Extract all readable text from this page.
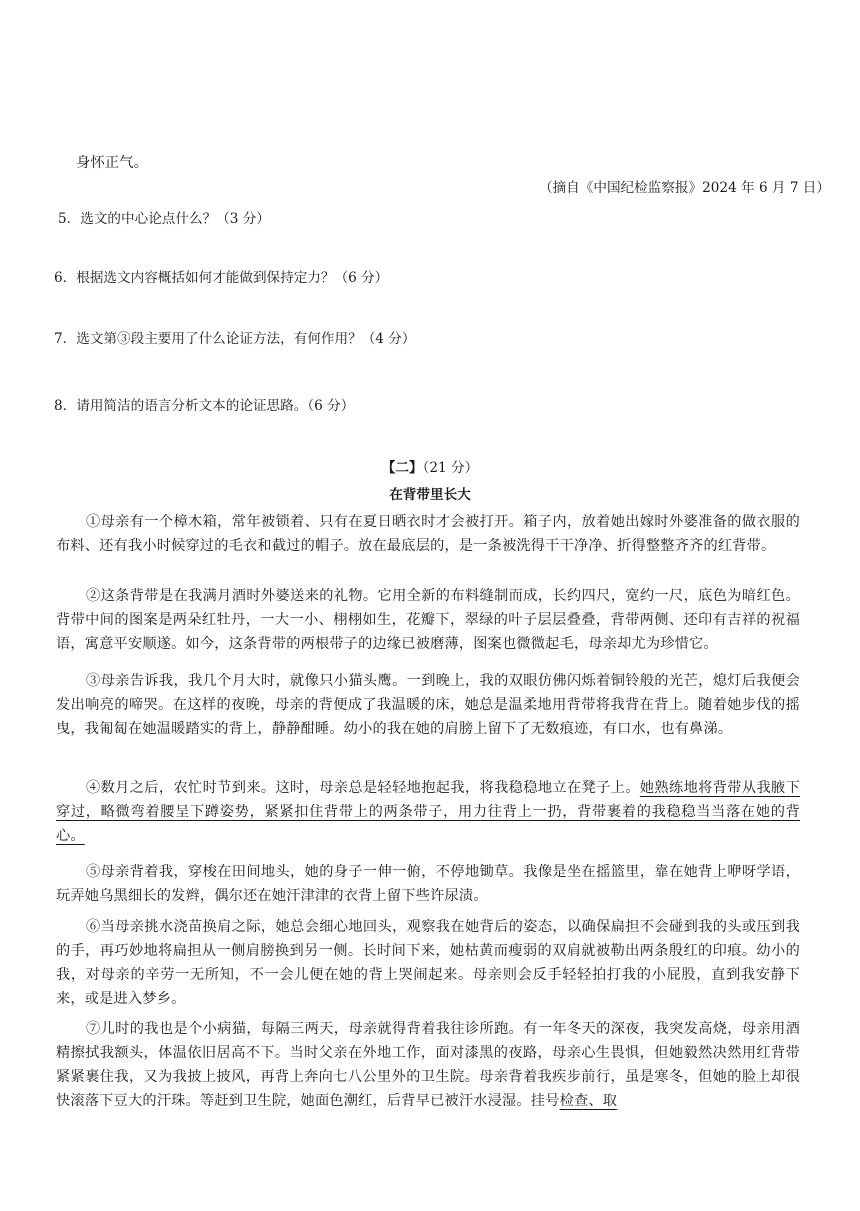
身怀正气。
（摘自《中国纪检监察报》2024 年 6 月 7 日）
5．选文的中心论点什么？（3 分）
6．根据选文内容概括如何才能做到保持定力？（6 分）
7．选文第③段主要用了什么论证方法，有何作用？（4 分）
8．请用简洁的语言分析文本的论证思路。（6 分）
【二】（21 分）
在背带里长大
①母亲有一个樟木箱，常年被锁着、只有在夏日晒衣时才会被打开。箱子内，放着她出嫁时外婆准备的做衣服的布料、还有我小时候穿过的毛衣和截过的帽子。放在最底层的，是一条被洗得干干净净、折得整整齐齐的红背带。
②这条背带是在我满月酒时外婆送来的礼物。它用全新的布料缝制而成，长约四尺，宽约一尺，底色为暗红色。背带中间的图案是两朵红牡丹，一大一小、栩栩如生，花瓣下，翠绿的叶子层层叠叠，背带两侧、还印有吉祥的祝福语，寓意平安顺遂。如今，这条背带的两根带子的边缘已被磨薄，图案也微微起毛，母亲却尤为珍惜它。
③母亲告诉我，我几个月大时，就像只小猫头鹰。一到晚上，我的双眼仿佛闪烁着铜铃般的光芒，熄灯后我便会发出响亮的啼哭。在这样的夜晚，母亲的背便成了我温暖的床，她总是温柔地用背带将我背在背上。随着她步伐的摇曳，我匍匐在她温暖踏实的背上，静静酣睡。幼小的我在她的肩膀上留下了无数痕迹，有口水，也有鼻涕。
④数月之后，农忙时节到来。这时，母亲总是轻轻地抱起我，将我稳稳地立在凳子上。她熟练地将背带从我腋下穿过，略微弯着腰呈下蹲姿势，紧紧扣住背带上的两条带子，用力往背上一扔，背带裹着的我稳稳当当落在她的背心。
⑤母亲背着我，穿梭在田间地头，她的身子一伸一俯，不停地锄草。我像是坐在摇篮里，靠在她背上咿呀学语，玩弄她乌黑细长的发辫，偶尔还在她汗津津的衣背上留下些许尿渍。
⑥当母亲挑水浇苗换肩之际，她总会细心地回头，观察我在她背后的姿态，以确保扁担不会碰到我的头或压到我的手，再巧妙地将扁担从一侧肩膀换到另一侧。长时间下来，她枯黄而瘦弱的双肩就被勒出两条殷红的印痕。幼小的我，对母亲的辛劳一无所知，不一会儿便在她的背上哭闹起来。母亲则会反手轻轻拍打我的小屁股，直到我安静下来，或是进入梦乡。
⑦儿时的我也是个小病猫，每隔三两天，母亲就得背着我往诊所跑。有一年冬天的深夜，我突发高烧，母亲用酒精擦拭我额头，体温依旧居高不下。当时父亲在外地工作，面对漆黑的夜路，母亲心生畏惧，但她毅然决然用红背带紧紧裹住我，又为我披上披风，再背上奔向七八公里外的卫生院。母亲背着我疾步前行，虽是寒冬，但她的脸上却很快滚落下豆大的汗珠。等赶到卫生院，她面色潮红，后背早已被汗水浸湿。挂号检查、取
